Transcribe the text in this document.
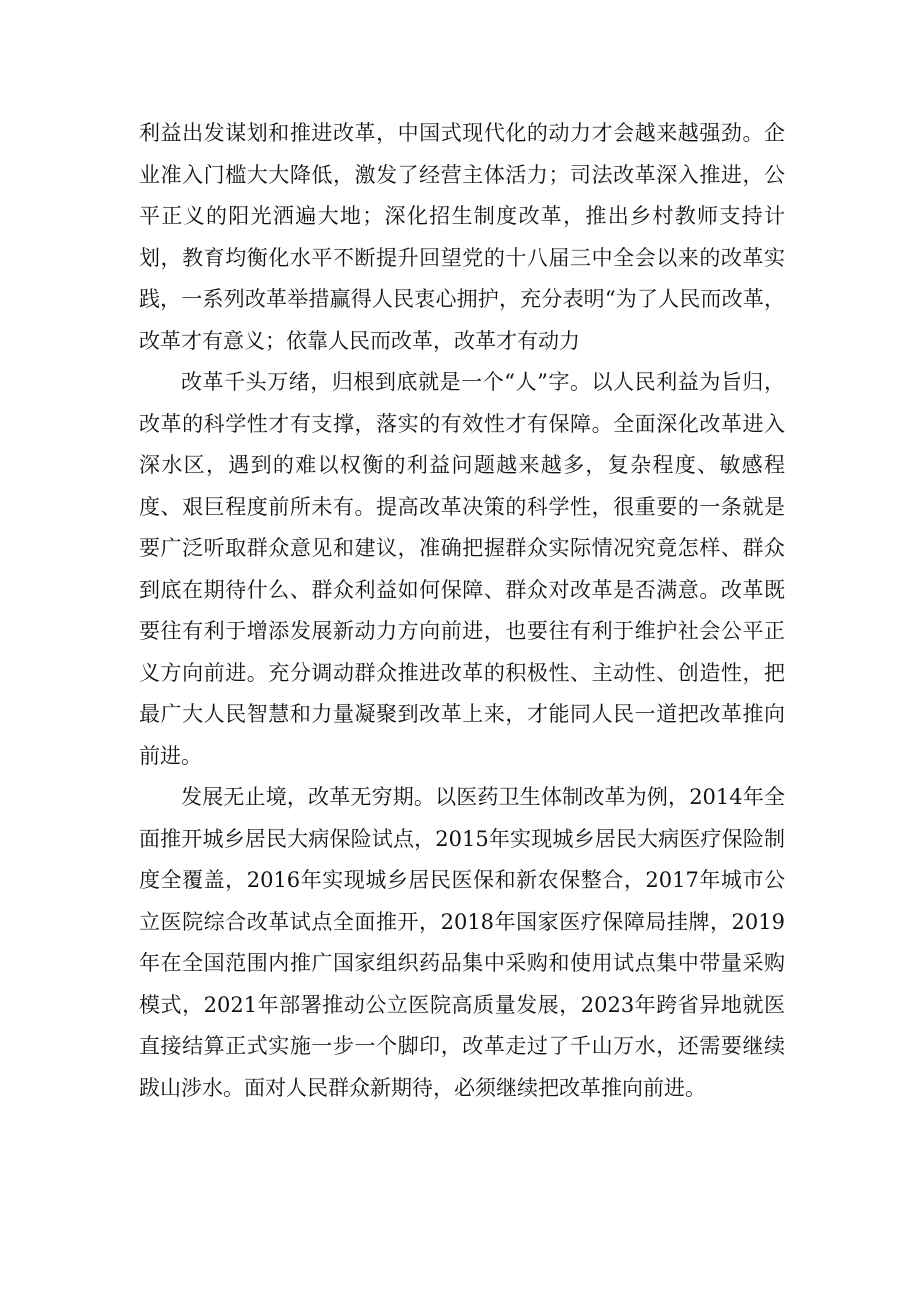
利益出发谋划和推进改革，中国式现代化的动力才会越来越强劲。企业准入门槛大大降低，激发了经营主体活力；司法改革深入推进，公平正义的阳光洒遍大地；深化招生制度改革，推出乡村教师支持计划，教育均衡化水平不断提升回望党的十八届三中全会以来的改革实践，一系列改革举措赢得人民衷心拥护，充分表明“为了人民而改革，改革才有意义；依靠人民而改革，改革才有动力

改革千头万绪，归根到底就是一个“人”字。以人民利益为旨归，改革的科学性才有支撑，落实的有效性才有保障。全面深化改革进入深水区，遇到的难以权衡的利益问题越来越多，复杂程度、敏感程度、艰巨程度前所未有。提高改革决策的科学性，很重要的一条就是要广泛听取群众意见和建议，准确把握群众实际情况究竟怎样、群众到底在期待什么、群众利益如何保障、群众对改革是否满意。改革既要往有利于增添发展新动力方向前进，也要往有利于维护社会公平正义方向前进。充分调动群众推进改革的积极性、主动性、创造性，把最广大人民智慧和力量凝聚到改革上来，才能同人民一道把改革推向前进。

发展无止境，改革无穷期。以医药卫生体制改革为例，2014年全面推开城乡居民大病保险试点，2015年实现城乡居民大病医疗保险制度全覆盖，2016年实现城乡居民医保和新农保整合，2017年城市公立医院综合改革试点全面推开，2018年国家医疗保障局挂牌，2019年在全国范围内推广国家组织药品集中采购和使用试点集中带量采购模式，2021年部署推动公立医院高质量发展，2023年跨省异地就医直接结算正式实施一步一个脚印，改革走过了千山万水，还需要继续跋山涉水。面对人民群众新期待，必须继续把改革推向前进。
